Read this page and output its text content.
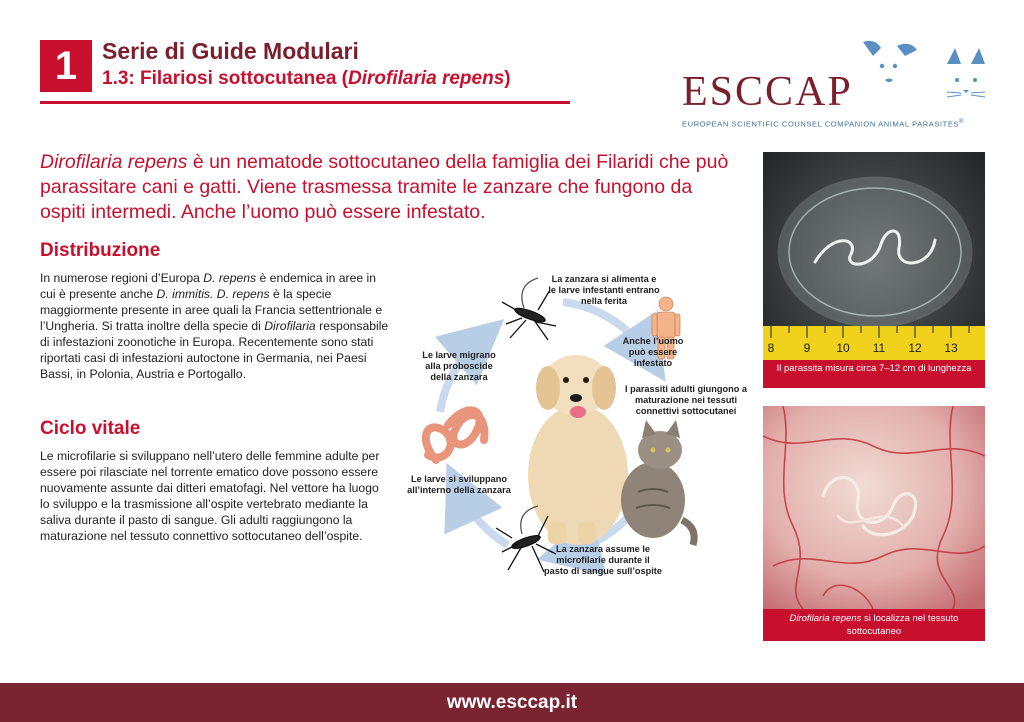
1	Serie di Guide Modulari
1.3: Filariosi sottocutanea (Dirofilaria repens)	ESCCAP
EUROPEAN SCIENTIFIC COUNSEL COMPANION ANIMAL PARASITES®
Dirofilaria repens è un nematode sottocutaneo della famiglia dei Filaridi che può parassitare cani e gatti. Viene trasmessa tramite le zanzare che fungono da ospiti intermedi. Anche l’uomo può essere infestato.
Distribuzione
In numerose regioni d’Europa D. repens è endemica in aree in cui è presente anche D. immitis. D. repens è la specie maggiormente presente in aree quali la Francia settentrionale e l’Ungheria. Si tratta inoltre della specie di Dirofilaria responsabile di infestazioni zoonotiche in Europa. Recentemente sono stati riportati casi di infestazioni autoctone in Germania, nei Paesi Bassi, in Polonia, Austria e Portogallo.
Ciclo vitale
Le microfilarie si sviluppano nell’utero delle femmine adulte per essere poi rilasciate nel torrente ematico dove possono essere nuovamente assunte dai ditteri ematofagi. Nel vettore ha luogo lo sviluppo e la trasmissione all’ospite vertebrato mediante la saliva durante il pasto di sangue. Gli adulti raggiungono la maturazione nel tessuto connettivo sottocutaneo dell’ospite.
La zanzara si alimenta e le larve infestanti entrano nella ferita
Anche l’uomo può essere infestato
I parassiti adulti giungono a maturazione nei tessuti connettivi sottocutanei
La zanzara assume le microfilarie durante il pasto di sangue sull’ospite
Le larve si sviluppano all’interno della zanzara
Le larve migrano alla proboscide della zanzara
8 9 10 11 12 13
Il parassita misura circa 7–12 cm di lunghezza
Dirofilaria repens si localizza nel tessuto sottocutaneo
www.esccap.it
